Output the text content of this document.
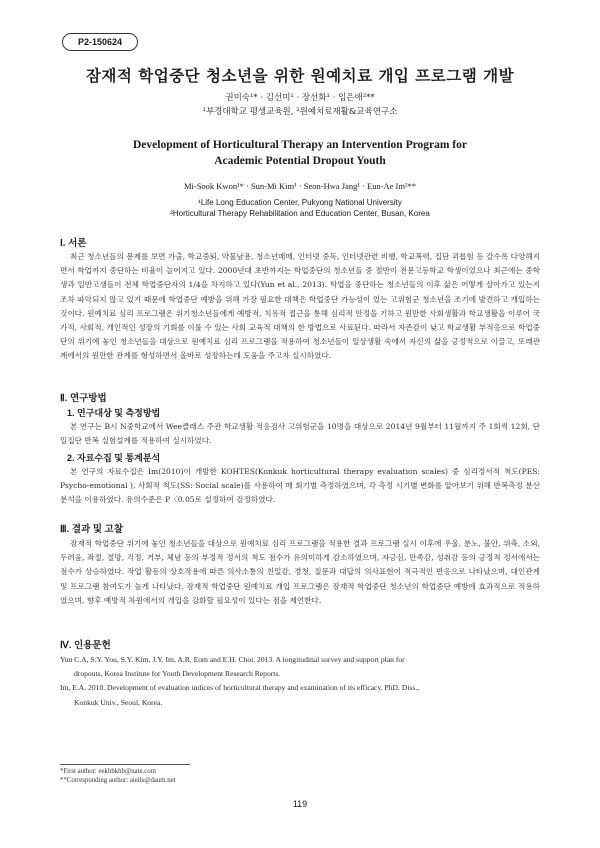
P2-150624
잠재적 학업중단 청소년을 위한 원예치료 개입 프로그램 개발
권미숙¹* · 김선미¹ · 장선화¹ · 임은애²**
¹부경대학교 평생교육원, ²원예치료재활&교육연구소
Development of Horticultural Therapy an Intervention Program for
Academic Potential Dropout Youth
Mi-Sook Kwon¹* · Sun-Mi Kim¹ · Seon-Hwa Jang¹ · Eun-Ae Im²**
¹Life Long Education Center, Pukyong National University
²Horticultural Therapy Rehabilitation and Education Center, Busan, Korea
Ⅰ. 서론
최근 청소년들의 문제를 보면 가출, 학교중퇴, 약물남용, 청소년매매, 인터넷 중독, 인터넷관련 비행, 학교폭력, 집단 괴롭힘 등 갈수록 다양해지면서 학업까지 중단하는 비율이 늘어지고 있다. 2000년대 초반까지는 학업중단의 청소년들 중 절반이 전문고등학교 학생이었으나 최근에는 중학생과 일반고생들이 전체 학업중단자의 1/4을 차지하고 있다(Yun et al., 2013). 학업을 중단하는 청소년들의 이후 삶은 어떻게 살아가고 있는지 조차 파악되지 않고 있기 때문에 학업중단 예방을 위해 가장 필요한 대책은 학업중단 가능성이 있는 고위험군 청소년을 조기에 발견하고 개입하는 것이다. 원예치료 심리 프로그램은 위기청소년들에게 예방적, 치유적 접근을 통해 심리적 안정을 기하고 원만한 사회생활과 학교생활을 이루어 국가적, 사회적, 개인적인 성장의 기회를 이룰 수 있는 사회 교육적 대책의 한 방법으로 사료된다. 따라서 자존감이 낮고 학교생활 부적응으로 학업중단의 위기에 놓인 청소년들을 대상으로 원예치료 심리 프로그램을 적용하여 청소년들이 일상생활 속에서 자신의 삶을 긍정적으로 이끌고, 또래관계에서의 원만한 관계를 형성하면서 올바로 성장하는데 도움을 주고자 실시하였다.
Ⅱ. 연구방법
1. 연구대상 및 측정방법
본 연구는 B시 N중학교에서 Wee클래스 주관 학교생활 적응검사 고위험군을 10명을 대상으로 2014년 9월부터 11월까지 주 1회씩 12회, 단일집단 반복 실험설계를 적용하여 실시하였다.
2. 자료수집 및 통계분석
본 연구의 자료수집은 Im(2010)이 개발한 KOHTES(Konkuk horticultural therapy evaluation scales) 중 심리정서적 척도(PES: Psycho-emotional ), 사회적 척도(SS: Social scale)를 사용하여 매 회기별 측정하였으며, 각 측정 시기별 변화를 알아보기 위해 반복측정 분산분석을 이용하였다. 유의수준은 P〈0.05로 설정하여 검정하였다.
Ⅲ. 결과 및 고찰
잠재적 학업중단 위기에 놓인 청소년들을 대상으로 원예치료 심리 프로그램을 적용한 결과 프로그램 실시 이후에 우울, 분노, 불안, 위축, 소외, 두려움, 좌절, 절망, 걱정, 거부, 체념 등의 부정적 정서의 척도 점수가 유의미하게 감소하였으며, 자긍심, 만족감, 성취감 등의 긍정적 정서에서는 점수가 상승하였다. 작업 활동의 상호작용에 따른 의사소통의 친밀감, 경청, 질문과 대답의 의사표현이 적극적인 반응으로 나타났으며, 대인관계 및 프로그램 참여도가 높게 나타났다. 잠재적 학업중단 원예치료 개입 프로그램은 잠재적 학업중단 청소년의 학업중단 예방에 효과적으로 적용하였으며, 향후 예방적 차원에서의 개입을 강화할 필요성이 있다는 점을 제언한다.
Ⅳ. 인용문헌
Yun C.A, S.Y. You, S.Y. Kim, J.Y. Im, A.R. Eom and E.H. Choi. 2013. A longitudinal survey and support plan for
dropouts, Korea Institute for Youth Development Research Reports.
Im, E.A. 2010. Development of evaluation indices of horticultural therapy and examination of its efficacy. PhD. Diss.,
Konkuk Univ., Seoul, Korea.
*First author: eekhbkhb@nate.com
**Corresponding author: aieils@daum.net
119
